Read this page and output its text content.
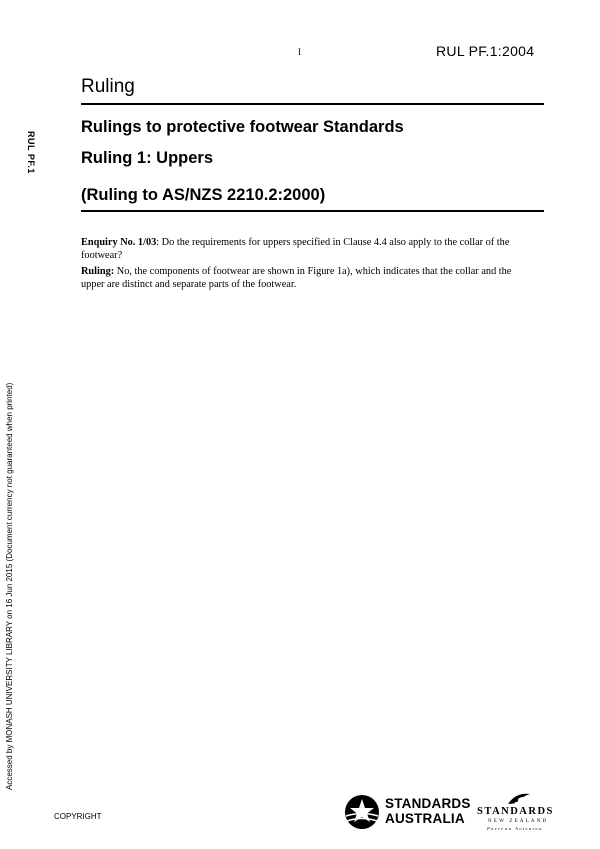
I	RUL PF.1:2004
RUL PF.1
Ruling
Rulings to protective footwear Standards
Ruling 1: Uppers
(Ruling to AS/NZS 2210.2:2000)
Enquiry No. 1/03: Do the requirements for uppers specified in Clause 4.4 also apply to the collar of the footwear?
Ruling: No, the components of footwear are shown in Figure 1a), which indicates that the collar and the upper are distinct and separate parts of the footwear.
Accessed by MONASH UNIVERSITY LIBRARY on 16 Jun 2015 (Document currency not guaranteed when printed)
COPYRIGHT
STANDARDS
AUSTRALIA	STANDARDS
NEW ZEALAND
Paerewa Aotearoa
